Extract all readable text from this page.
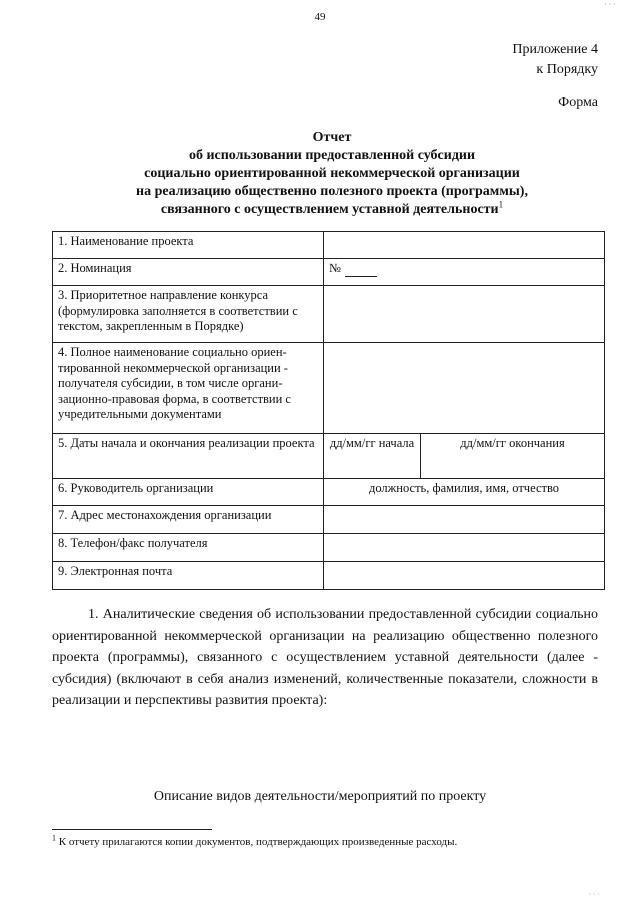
· · ·
49
Приложение 4
к Порядку
Форма
Отчет
об использовании предоставленной субсидии
социально ориентированной некоммерческой организации
на реализацию общественно полезного проекта (программы),
связанного с осуществлением уставной деятельности$^1$
1. Наименование проекта		
2. Номинация	№	
3. Приоритетное направление конкурса (формулировка заполняется в соответствии с текстом, закрепленным в Порядке)		
4. Полное наименование социально ориентированной некоммерческой организации - получателя субсидии, в том числе организационно-правовая форма, в соответствии с учредительными документами		
5. Даты начала и окончания реализации проекта	дд/мм/гг начала	дд/мм/гг окончания
6. Руководитель организации	должность, фамилия, имя, отчество	
7. Адрес местонахождения организации		
8. Телефон/факс получателя		
9. Электронная почта		
1. Аналитические сведения об использовании предоставленной субсидии социально ориентированной некоммерческой организации на реализацию общественно полезного проекта (программы), связанного с осуществлением уставной деятельности (далее - субсидия) (включают в себя анализ изменений, количественные показатели, сложности в реализации и перспективы развития проекта):
Описание видов деятельности/мероприятий по проекту
$^1$ К отчету прилагаются копии документов, подтверждающих произведенные расходы.
· · ·
